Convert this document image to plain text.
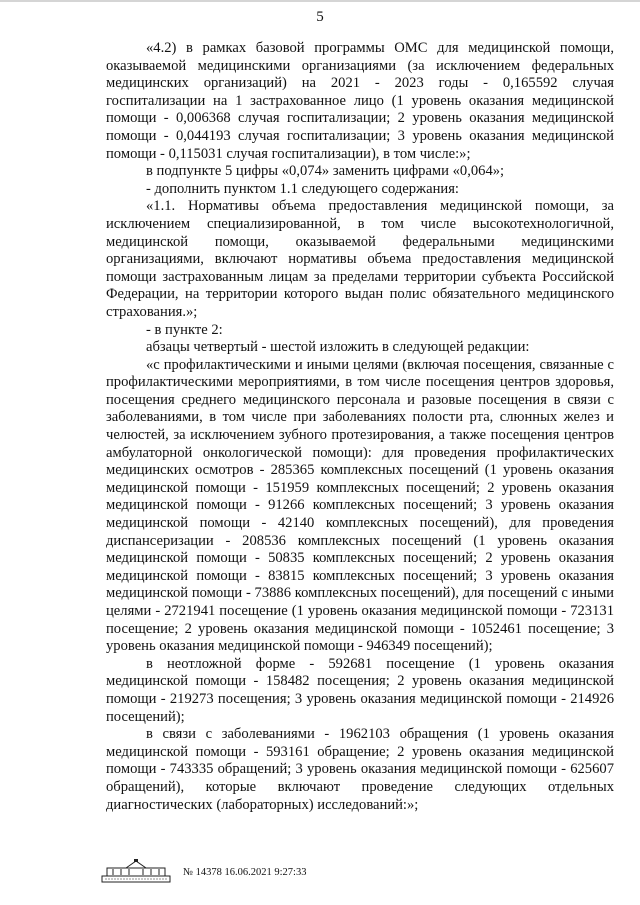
5

«4.2) в рамках базовой программы ОМС для медицинской помощи, оказываемой медицинскими организациями (за исключением федеральных медицинских организаций) на 2021 - 2023 годы - 0,165592 случая госпитализации на 1 застрахованное лицо (1 уровень оказания медицинской помощи - 0,006368 случая госпитализации; 2 уровень оказания медицинской помощи - 0,044193 случая госпитализации; 3 уровень оказания медицинской помощи - 0,115031 случая госпитализации), в том числе:»;

в подпункте 5 цифры «0,074» заменить цифрами «0,064»;

- дополнить пунктом 1.1 следующего содержания:

«1.1. Нормативы объема предоставления медицинской помощи, за исключением специализированной, в том числе высокотехнологичной, медицинской помощи, оказываемой федеральными медицинскими организациями, включают нормативы объема предоставления медицинской помощи застрахованным лицам за пределами территории субъекта Российской Федерации, на территории которого выдан полис обязательного медицинского страхования.»;

- в пункте 2:

абзацы четвертый - шестой изложить в следующей редакции:

«с профилактическими и иными целями (включая посещения, связанные с профилактическими мероприятиями, в том числе посещения центров здоровья, посещения среднего медицинского персонала и разовые посещения в связи с заболеваниями, в том числе при заболеваниях полости рта, слюнных желез и челюстей, за исключением зубного протезирования, а также посещения центров амбулаторной онкологической помощи): для проведения профилактических медицинских осмотров - 285365 комплексных посещений (1 уровень оказания медицинской помощи - 151959 комплексных посещений; 2 уровень оказания медицинской помощи - 91266 комплексных посещений; 3 уровень оказания медицинской помощи - 42140 комплексных посещений), для проведения диспансеризации - 208536 комплексных посещений (1 уровень оказания медицинской помощи - 50835 комплексных посещений; 2 уровень оказания медицинской помощи - 83815 комплексных посещений; 3 уровень оказания медицинской помощи - 73886 комплексных посещений), для посещений с иными целями - 2721941 посещение (1 уровень оказания медицинской помощи - 723131 посещение; 2 уровень оказания медицинской помощи - 1052461 посещение; 3 уровень оказания медицинской помощи - 946349 посещений);

в неотложной форме - 592681 посещение (1 уровень оказания медицинской помощи - 158482 посещения; 2 уровень оказания медицинской помощи - 219273 посещения; 3 уровень оказания медицинской помощи - 214926 посещений);

в связи с заболеваниями - 1962103 обращения (1 уровень оказания медицинской помощи - 593161 обращение; 2 уровень оказания медицинской помощи - 743335 обращений; 3 уровень оказания медицинской помощи - 625607 обращений), которые включают проведение следующих отдельных диагностических (лабораторных) исследований:»;

№ 14378 16.06.2021 9:27:33
